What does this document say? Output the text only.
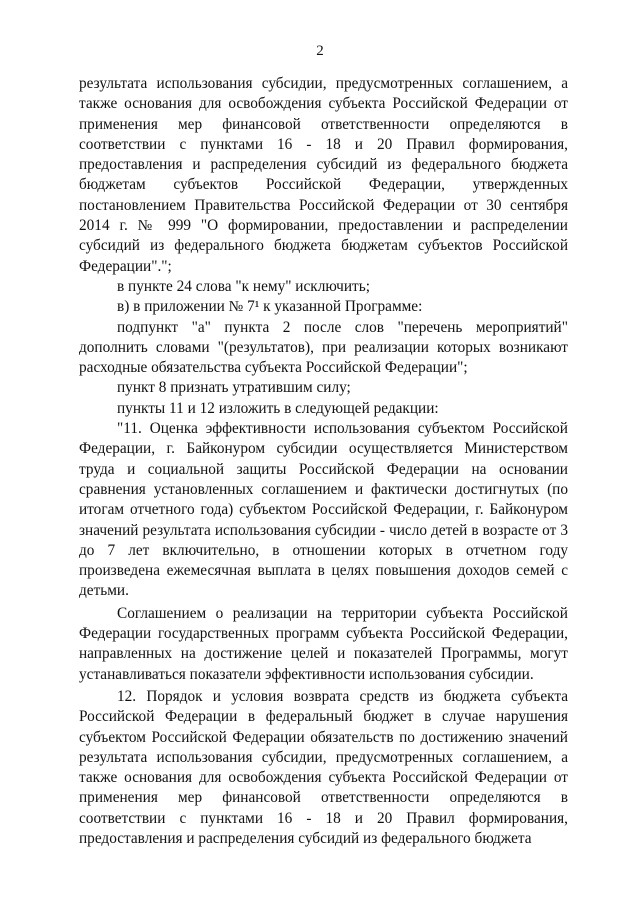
2

результата использования субсидии, предусмотренных соглашением, а также основания для освобождения субъекта Российской Федерации от применения мер финансовой ответственности определяются в соответствии с пунктами 16 - 18 и 20 Правил формирования, предоставления и распределения субсидий из федерального бюджета бюджетам субъектов Российской Федерации, утвержденных постановлением Правительства Российской Федерации от 30 сентября 2014 г. № 999 "О формировании, предоставлении и распределении субсидий из федерального бюджета бюджетам субъектов Российской Федерации".";

в пункте 24 слова "к нему" исключить;

в) в приложении № 7¹ к указанной Программе:

подпункт "а" пункта 2 после слов "перечень мероприятий" дополнить словами "(результатов), при реализации которых возникают расходные обязательства субъекта Российской Федерации";

пункт 8 признать утратившим силу;

пункты 11 и 12 изложить в следующей редакции:

"11. Оценка эффективности использования субъектом Российской Федерации, г. Байконуром субсидии осуществляется Министерством труда и социальной защиты Российской Федерации на основании сравнения установленных соглашением и фактически достигнутых (по итогам отчетного года) субъектом Российской Федерации, г. Байконуром значений результата использования субсидии - число детей в возрасте от 3 до 7 лет включительно, в отношении которых в отчетном году произведена ежемесячная выплата в целях повышения доходов семей с детьми.

Соглашением о реализации на территории субъекта Российской Федерации государственных программ субъекта Российской Федерации, направленных на достижение целей и показателей Программы, могут устанавливаться показатели эффективности использования субсидии.

12. Порядок и условия возврата средств из бюджета субъекта Российской Федерации в федеральный бюджет в случае нарушения субъектом Российской Федерации обязательств по достижению значений результата использования субсидии, предусмотренных соглашением, а также основания для освобождения субъекта Российской Федерации от применения мер финансовой ответственности определяются в соответствии с пунктами 16 - 18 и 20 Правил формирования, предоставления и распределения субсидий из федерального бюджета
